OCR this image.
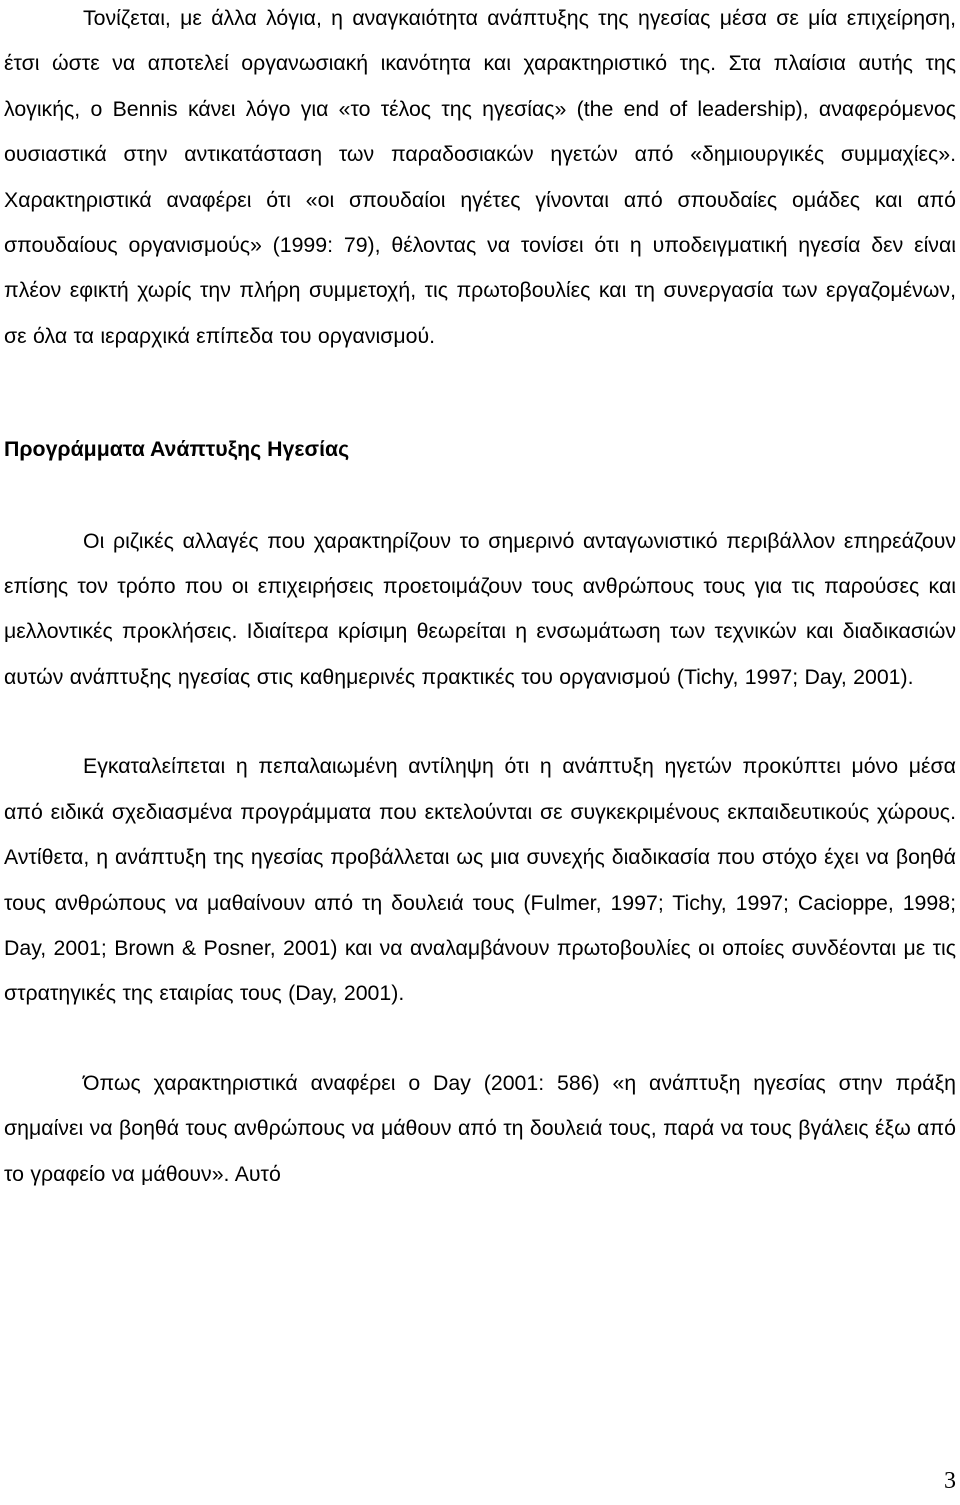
Τονίζεται, με άλλα λόγια, η αναγκαιότητα ανάπτυξης της ηγεσίας μέσα σε μία επιχείρηση, έτσι ώστε να αποτελεί οργανωσιακή ικανότητα και χαρακτηριστικό της. Στα πλαίσια αυτής της λογικής, ο Bennis κάνει λόγο για «το τέλος της ηγεσίας» (the end of leadership), αναφερόμενος ουσιαστικά στην αντικατάσταση των παραδοσιακών ηγετών από «δημιουργικές συμμαχίες». Χαρακτηριστικά αναφέρει ότι «οι σπουδαίοι ηγέτες γίνονται από σπουδαίες ομάδες και από σπουδαίους οργανισμούς» (1999: 79), θέλοντας να τονίσει ότι η υποδειγματική ηγεσία δεν είναι πλέον εφικτή χωρίς την πλήρη συμμετοχή, τις πρωτοβουλίες και τη συνεργασία των εργαζομένων, σε όλα τα ιεραρχικά επίπεδα του οργανισμού.

Προγράμματα Ανάπτυξης Ηγεσίας

Οι ριζικές αλλαγές που χαρακτηρίζουν το σημερινό ανταγωνιστικό περιβάλλον επηρεάζουν επίσης τον τρόπο που οι επιχειρήσεις προετοιμάζουν τους ανθρώπους τους για τις παρούσες και μελλοντικές προκλήσεις. Ιδιαίτερα κρίσιμη θεωρείται η ενσωμάτωση των τεχνικών και διαδικασιών αυτών ανάπτυξης ηγεσίας στις καθημερινές πρακτικές του οργανισμού (Tichy, 1997; Day, 2001).

Εγκαταλείπεται η πεπαλαιωμένη αντίληψη ότι η ανάπτυξη ηγετών προκύπτει μόνο μέσα από ειδικά σχεδιασμένα προγράμματα που εκτελούνται σε συγκεκριμένους εκπαιδευτικούς χώρους. Αντίθετα, η ανάπτυξη της ηγεσίας προβάλλεται ως μια συνεχής διαδικασία που στόχο έχει να βοηθά τους ανθρώπους να μαθαίνουν από τη δουλειά τους (Fulmer, 1997; Tichy, 1997; Cacioppe, 1998; Day, 2001; Brown & Posner, 2001) και να αναλαμβάνουν πρωτοβουλίες οι οποίες συνδέονται με τις στρατηγικές της εταιρίας τους (Day, 2001).

Όπως χαρακτηριστικά αναφέρει ο Day (2001: 586) «η ανάπτυξη ηγεσίας στην πράξη σημαίνει να βοηθά τους ανθρώπους να μάθουν από τη δουλειά τους, παρά να τους βγάλεις έξω από το γραφείο να μάθουν». Αυτό

3
